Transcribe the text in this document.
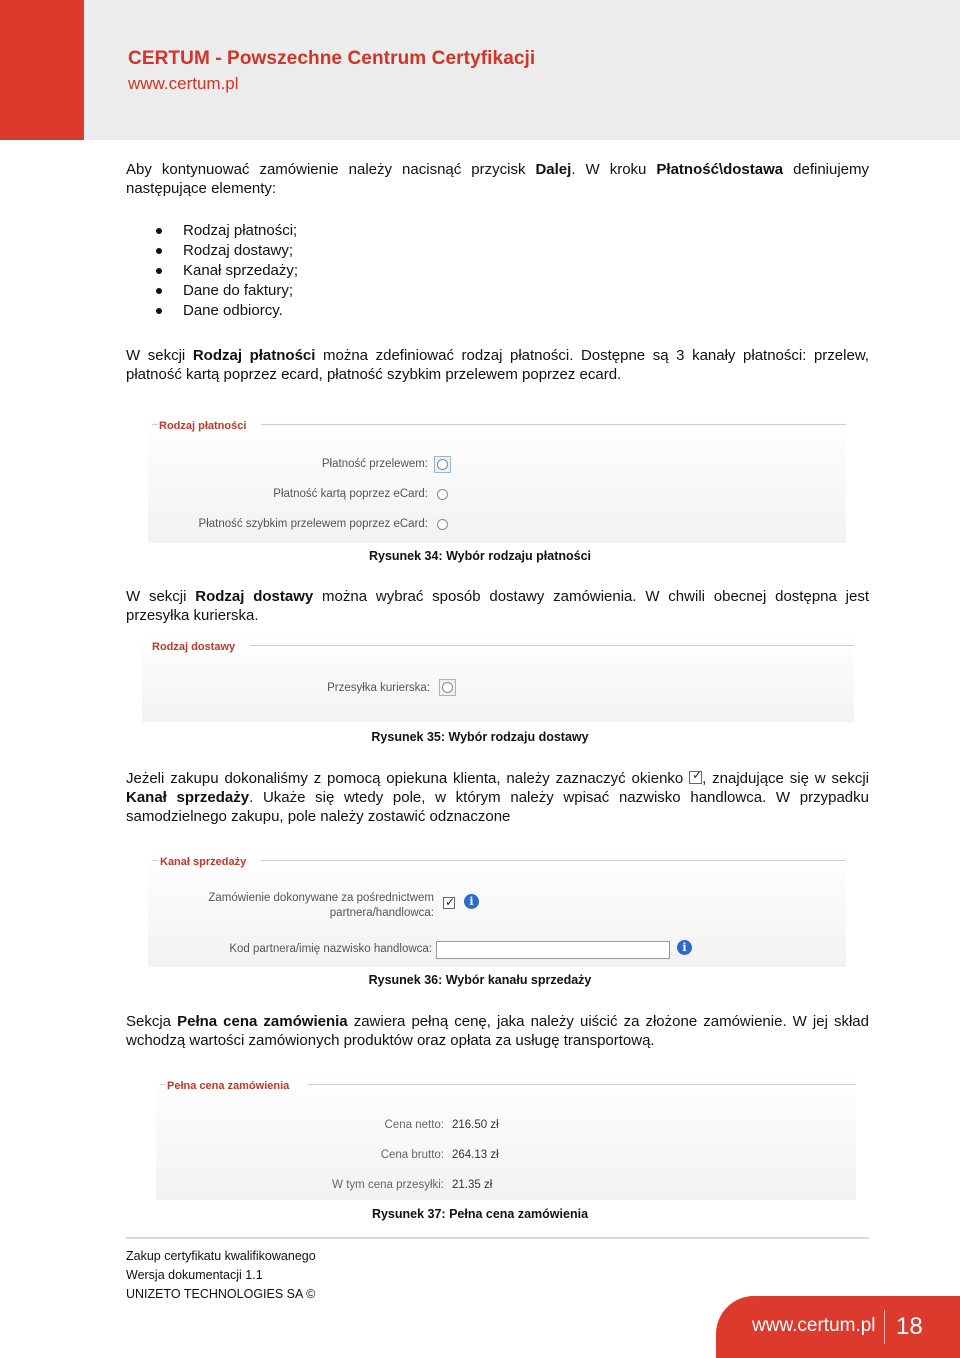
CERTUM - Powszechne Centrum Certyfikacji
www.certum.pl
Aby kontynuować zamówienie należy nacisnąć przycisk Dalej. W kroku Płatność\dostawa definiujemy następujące elementy:
Rodzaj płatności;
Rodzaj dostawy;
Kanał sprzedaży;
Dane do faktury;
Dane odbiorcy.
W sekcji Rodzaj płatności można zdefiniować rodzaj płatności. Dostępne są 3 kanały płatności: przelew, płatność kartą poprzez ecard, płatność szybkim przelewem poprzez ecard.
Rodzaj płatności
Płatność przelewem:
Płatność kartą poprzez eCard:
Płatność szybkim przelewem poprzez eCard:
Rysunek 34: Wybór rodzaju płatności
W sekcji Rodzaj dostawy można wybrać sposób dostawy zamówienia. W chwili obecnej dostępna jest przesyłka kurierska.
Rodzaj dostawy
Przesyłka kurierska:
Rysunek 35: Wybór rodzaju dostawy
Jeżeli zakupu dokonaliśmy z pomocą opiekuna klienta, należy zaznaczyć okienko ✓ , znajdujące się w sekcji Kanał sprzedaży. Ukaże się wtedy pole, w którym należy wpisać nazwisko handlowca. W przypadku samodzielnego zakupu, pole należy zostawić odznaczone
Kanał sprzedaży
Zamówienie dokonywane za pośrednictwem
partnera/handlowca:
✓	i
Kod partnera/imię nazwisko handlowca:	i
Rysunek 36: Wybór kanału sprzedaży
Sekcja Pełna cena zamówienia zawiera pełną cenę, jaka należy uiścić za złożone zamówienie. W jej skład wchodzą wartości zamówionych produktów oraz opłata za usługę transportową.
Pełna cena zamówienia
Cena netto: 216.50 zł
Cena brutto: 264.13 zł
W tym cena przesyłki: 21.35 zł
Rysunek 37: Pełna cena zamówienia
Zakup certyfikatu kwalifikowanego
Wersja dokumentacji 1.1
UNIZETO TECHNOLOGIES SA ©
www.certum.pl 18
